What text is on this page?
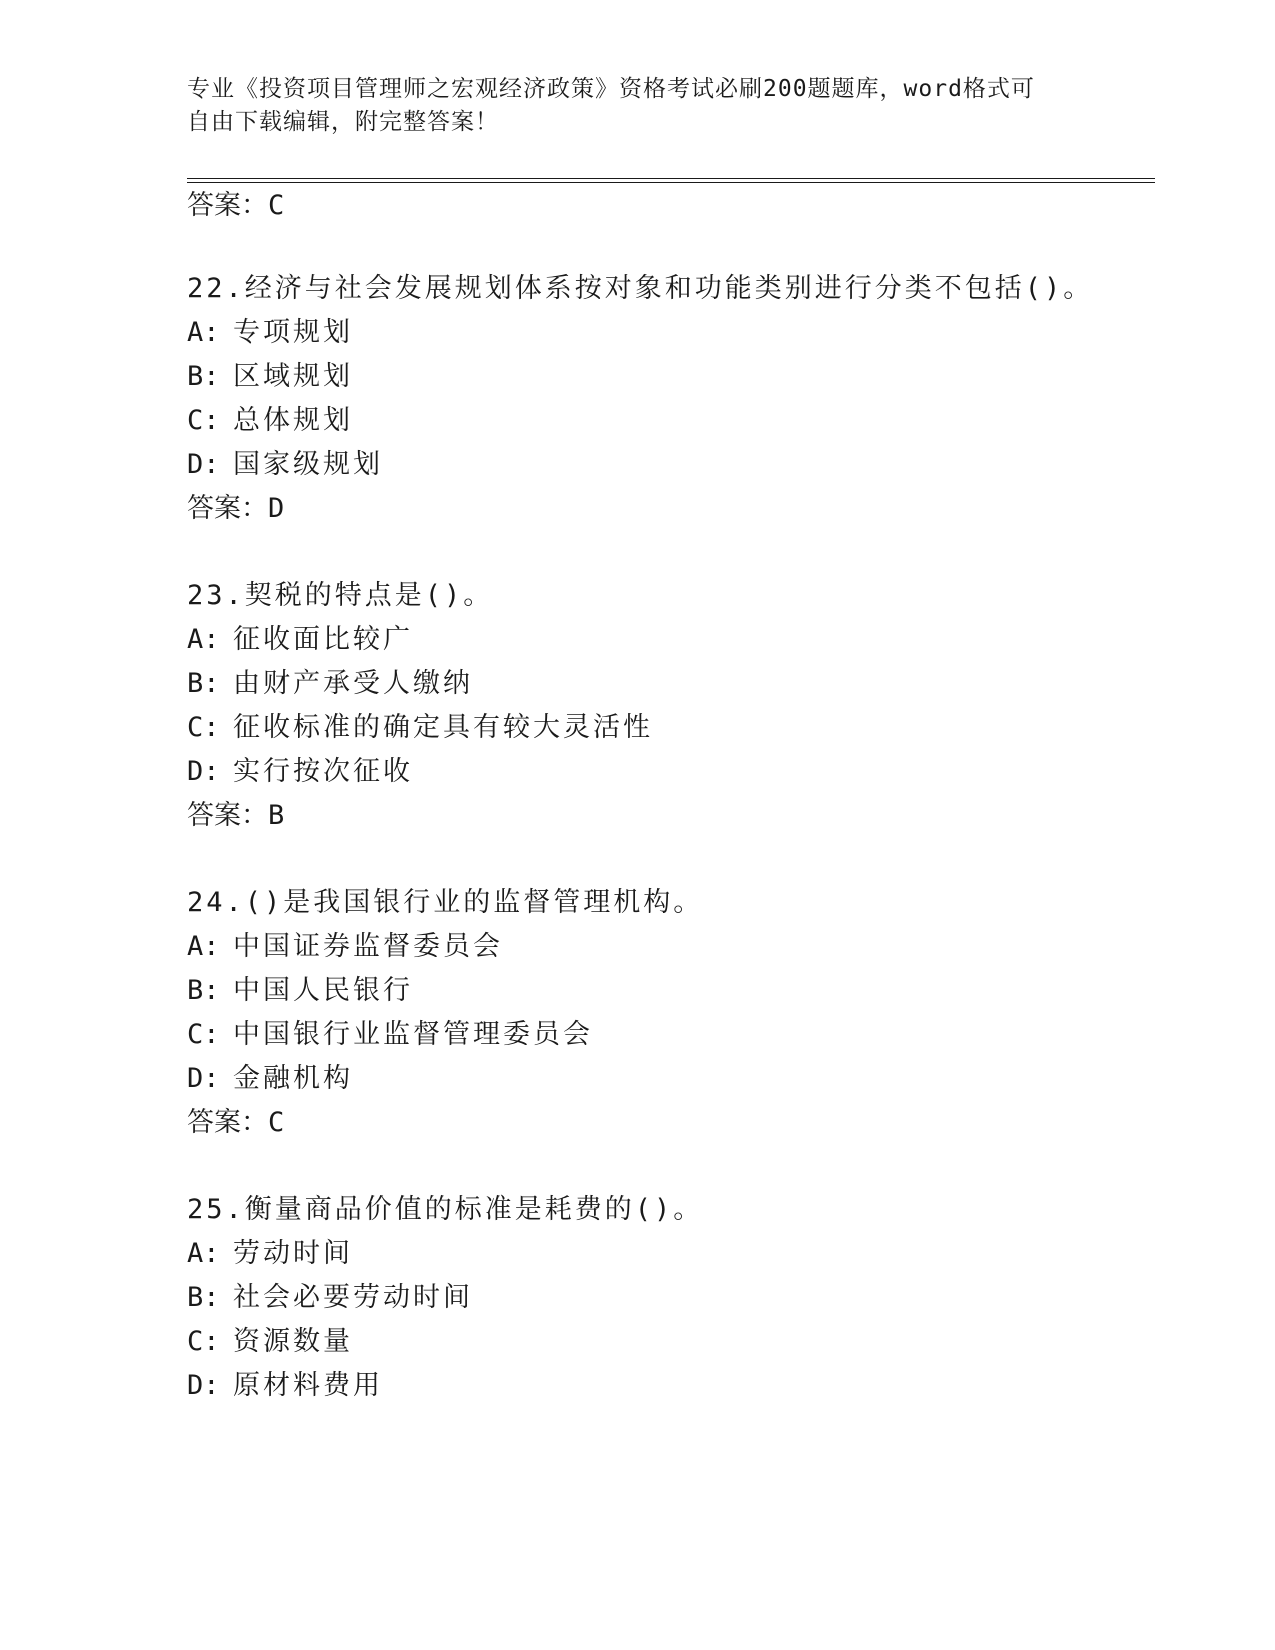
专业《投资项目管理师之宏观经济政策》资格考试必刷200题题库，word格式可
自由下载编辑，附完整答案！
答案：C
22.经济与社会发展规划体系按对象和功能类别进行分类不包括()。
A: 专项规划
B: 区域规划
C: 总体规划
D: 国家级规划
答案：D
23.契税的特点是()。
A: 征收面比较广
B: 由财产承受人缴纳
C: 征收标准的确定具有较大灵活性
D: 实行按次征收
答案：B
24.()是我国银行业的监督管理机构。
A: 中国证券监督委员会
B: 中国人民银行
C: 中国银行业监督管理委员会
D: 金融机构
答案：C
25.衡量商品价值的标准是耗费的()。
A: 劳动时间
B: 社会必要劳动时间
C: 资源数量
D: 原材料费用
